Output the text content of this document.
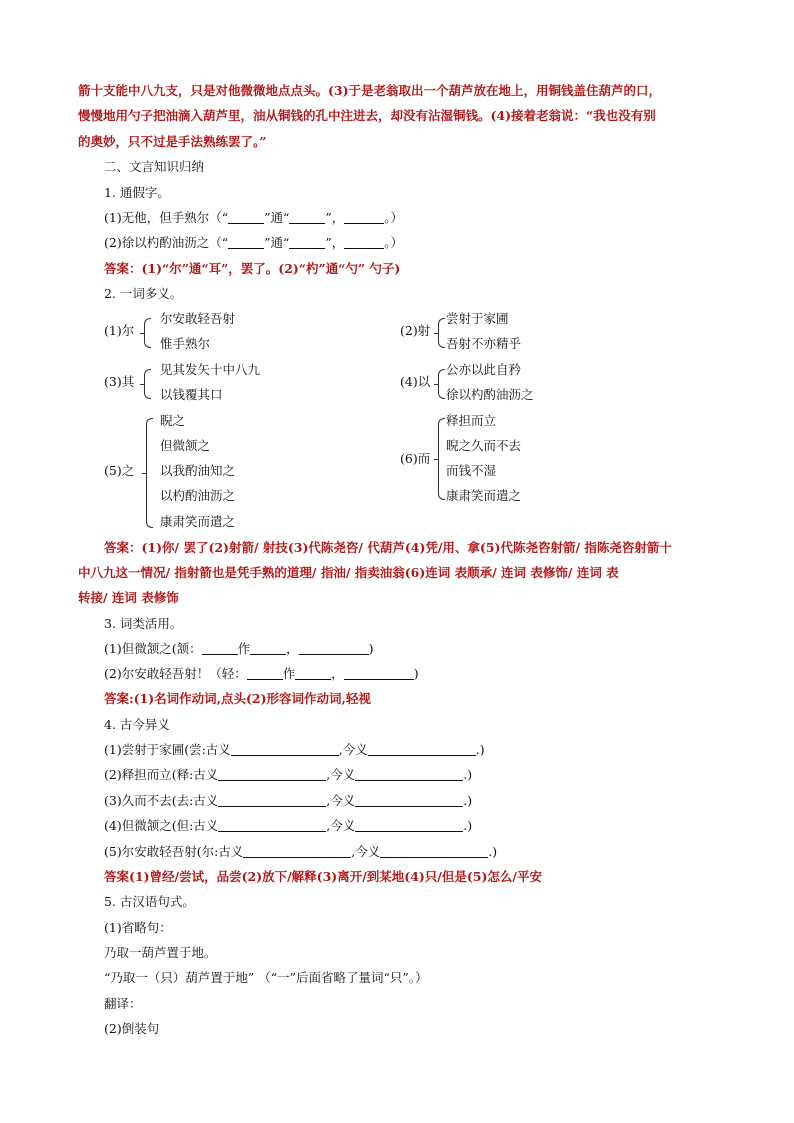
箭十支能中八九支，只是对他微微地点点头。(3)于是老翁取出一个葫芦放在地上，用铜钱盖住葫芦的口，
慢慢地用勺子把油滴入葫芦里，油从铜钱的孔中注进去，却没有沾湿铜钱。(4)接着老翁说：“我也没有别
的奥妙，只不过是手法熟练罢了。”
二、文言知识归纳
1. 通假字。
(1)无他，但手熟尔（“	”通“	”，	。）
(2)徐以杓酌油沥之（“	”通“	”，	。）
答案：(1)“尔”通“耳”，罢了。(2)“杓”通“勺” 勺子)
2. 一词多义。
(1)尔
尔安敢轻吾射
惟手熟尔
(2)射
尝射于家圃
吾射不亦精乎
(3)其
见其发矢十中八九
以钱覆其口
(4)以
公亦以此自矜
徐以杓酌油沥之
(5)之
睨之
但微颔之
以我酌油知之
以杓酌油沥之
康肃笑而遣之
(6)而
释担而立
睨之久而不去
而钱不湿
康肃笑而遣之
答案：(1)你/ 罢了(2)射箭/ 射技(3)代陈尧咨/ 代葫芦(4)凭/用、拿(5)代陈尧咨射箭/ 指陈尧咨射箭十
中八九这一情况/ 指射箭也是凭手熟的道理/ 指油/ 指卖油翁(6)连词 表顺承/ 连词 表修饰/ 连词 表
转接/ 连词 表修饰
3. 词类活用。
(1)但微颔之(颔：	作	，	)
(2)尔安敢轻吾射！（轻：	作	，	)
答案:(1)名词作动词,点头(2)形容词作动词,轻视
4. 古今异义
(1)尝射于家圃(尝:古义	,今义	.)
(2)释担而立(释:古义	,今义	.)
(3)久而不去(去:古义	,今义	.)
(4)但微颔之(但:古义	,今义	.)
(5)尔安敢轻吾射(尔:古义	,今义	.)
答案(1)曾经/尝试，品尝(2)放下/解释(3)离开/到某地(4)只/但是(5)怎么/平安
5. 古汉语句式。
(1)省略句：
乃取一葫芦置于地。
“乃取一（只）葫芦置于地” （“一”后面省略了量词“只”。）
翻译：
(2)倒装句
